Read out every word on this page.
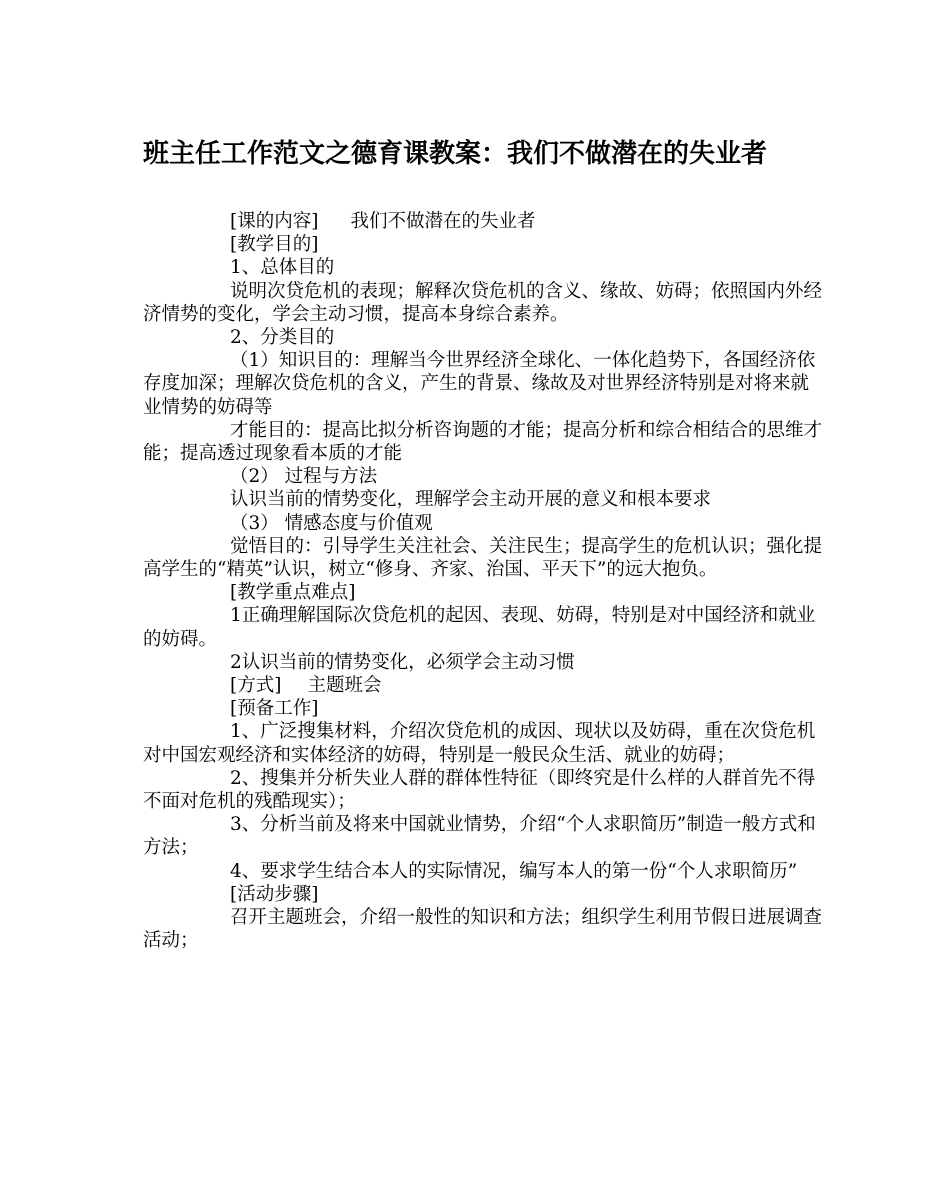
班主任工作范文之德育课教案：我们不做潜在的失业者

[课的内容] 我们不做潜在的失业者

[教学目的]

1、总体目的

说明次贷危机的表现；解释次贷危机的含义、缘故、妨碍；依照国内外经济情势的变化，学会主动习惯，提高本身综合素养。

2、分类目的

（1）知识目的：理解当今世界经济全球化、一体化趋势下，各国经济依存度加深；理解次贷危机的含义，产生的背景、缘故及对世界经济特别是对将来就业情势的妨碍等

才能目的：提高比拟分析咨询题的才能；提高分析和综合相结合的思维才能；提高透过现象看本质的才能

（2） 过程与方法

认识当前的情势变化，理解学会主动开展的意义和根本要求

（3） 情感态度与价值观

觉悟目的：引导学生关注社会、关注民生；提高学生的危机认识；强化提高学生的“精英”认识，树立“修身、齐家、治国、平天下”的远大抱负。

[教学重点难点]

1正确理解国际次贷危机的起因、表现、妨碍，特别是对中国经济和就业的妨碍。

2认识当前的情势变化，必须学会主动习惯

[方式] 主题班会

[预备工作]

1、广泛搜集材料，介绍次贷危机的成因、现状以及妨碍，重在次贷危机对中国宏观经济和实体经济的妨碍，特别是一般民众生活、就业的妨碍；

2、搜集并分析失业人群的群体性特征（即终究是什么样的人群首先不得不面对危机的残酷现实）；

3、分析当前及将来中国就业情势，介绍“个人求职简历”制造一般方式和方法；

4、要求学生结合本人的实际情况，编写本人的第一份“个人求职简历”

[活动步骤]

召开主题班会，介绍一般性的知识和方法；组织学生利用节假日进展调查活动；
